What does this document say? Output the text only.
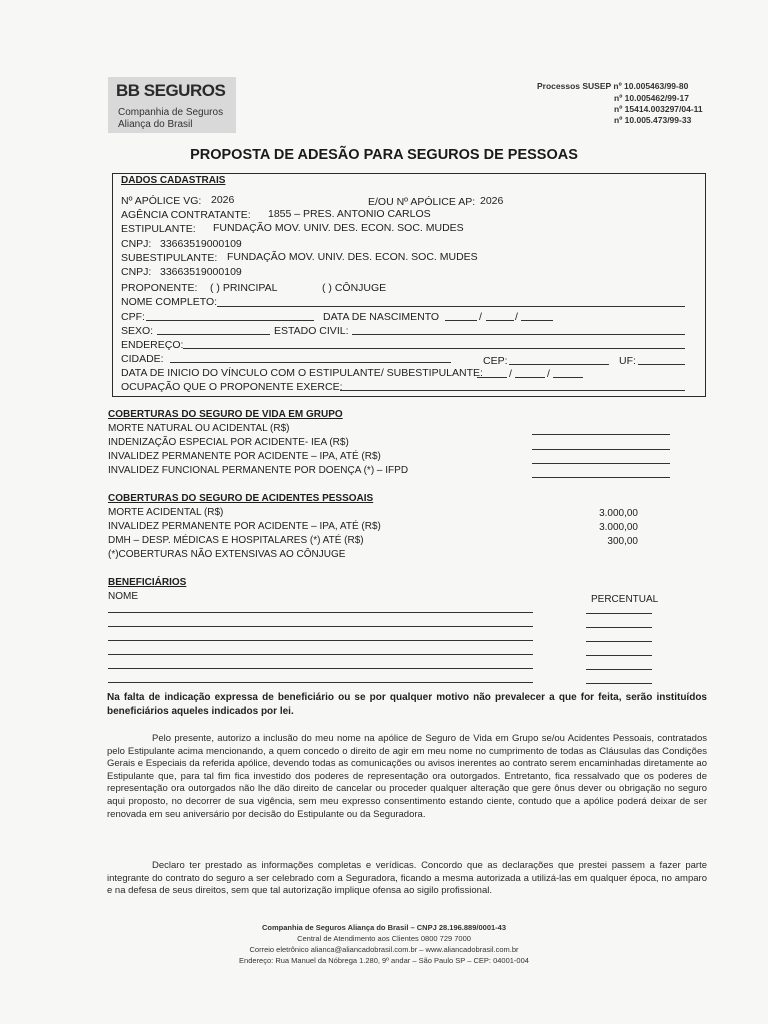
BB SEGUROS
Companhia de Seguros
Aliança do Brasil
Processos SUSEP nº 10.005463/99-80
nº 10.005462/99-17
nº 15414.003297/04-11
nº 10.005.473/99-33
PROPOSTA DE ADESÃO PARA SEGUROS DE PESSOAS
DADOS CADASTRAIS
Nº APÓLICE VG: 2026	E/OU Nº APÓLICE AP: 2026
AGÊNCIA CONTRATANTE: 1855 – PRES. ANTONIO CARLOS
ESTIPULANTE: FUNDAÇÃO MOV. UNIV. DES. ECON. SOC. MUDES
CNPJ: 33663519000109
SUBESTIPULANTE: FUNDAÇÃO MOV. UNIV. DES. ECON. SOC. MUDES
CNPJ: 33663519000109
PROPONENTE: ( ) PRINCIPAL	( ) CÔNJUGE
NOME COMPLETO:
CPF:	DATA DE NASCIMENTO	/	/
SEXO:	ESTADO CIVIL:
ENDEREÇO:
CIDADE:	CEP:	UF:
DATA DE INICIO DO VÍNCULO COM O ESTIPULANTE/ SUBESTIPULANTE: /	/
OCUPAÇÃO QUE O PROPONENTE EXERCE:
COBERTURAS DO SEGURO DE VIDA EM GRUPO
MORTE NATURAL OU ACIDENTAL (R$)
INDENIZAÇÃO ESPECIAL POR ACIDENTE- IEA (R$)
INVALIDEZ PERMANENTE POR ACIDENTE – IPA, ATÉ (R$)
INVALIDEZ FUNCIONAL PERMANENTE POR DOENÇA (*) – IFPD
COBERTURAS DO SEGURO DE ACIDENTES PESSOAIS
MORTE ACIDENTAL (R$)	3.000,00
INVALIDEZ PERMANENTE POR ACIDENTE – IPA, ATÉ (R$)	3.000,00
DMH – DESP. MÉDICAS E HOSPITALARES (*) ATÉ (R$)	300,00
(*)COBERTURAS NÃO EXTENSIVAS AO CÔNJUGE
BENEFICIÁRIOS
NOME	PERCENTUAL
Na falta de indicação expressa de beneficiário ou se por qualquer motivo não prevalecer a que for feita, serão instituídos beneficiários aqueles indicados por lei.
Pelo presente, autorizo a inclusão do meu nome na apólice de Seguro de Vida em Grupo se/ou Acidentes Pessoais, contratados pelo Estipulante acima mencionando, a quem concedo o direito de agir em meu nome no cumprimento de todas as Cláusulas das Condições Gerais e Especiais da referida apólice, devendo todas as comunicações ou avisos inerentes ao contrato serem encaminhadas diretamente ao Estipulante que, para tal fim fica investido dos poderes de representação ora outorgados. Entretanto, fica ressalvado que os poderes de representação ora outorgados não lhe dão direito de cancelar ou proceder qualquer alteração que gere ônus dever ou obrigação no seguro aqui proposto, no decorrer de sua vigência, sem meu expresso consentimento estando ciente, contudo que a apólice poderá deixar de ser renovada em seu aniversário por decisão do Estipulante ou da Seguradora.
Declaro ter prestado as informações completas e verídicas. Concordo que as declarações que prestei passem a fazer parte integrante do contrato do seguro a ser celebrado com a Seguradora, ficando a mesma autorizada a utilizá-las em qualquer época, no amparo e na defesa de seus direitos, sem que tal autorização implique ofensa ao sigilo profissional.
Companhia de Seguros Aliança do Brasil – CNPJ 28.196.889/0001-43
Central de Atendimento aos Clientes 0800 729 7000
Correio eletrônico alianca@aliancadobrasil.com.br – www.aliancadobrasil.com.br
Endereço: Rua Manuel da Nóbrega 1.280, 9º andar – São Paulo SP – CEP: 04001-004
